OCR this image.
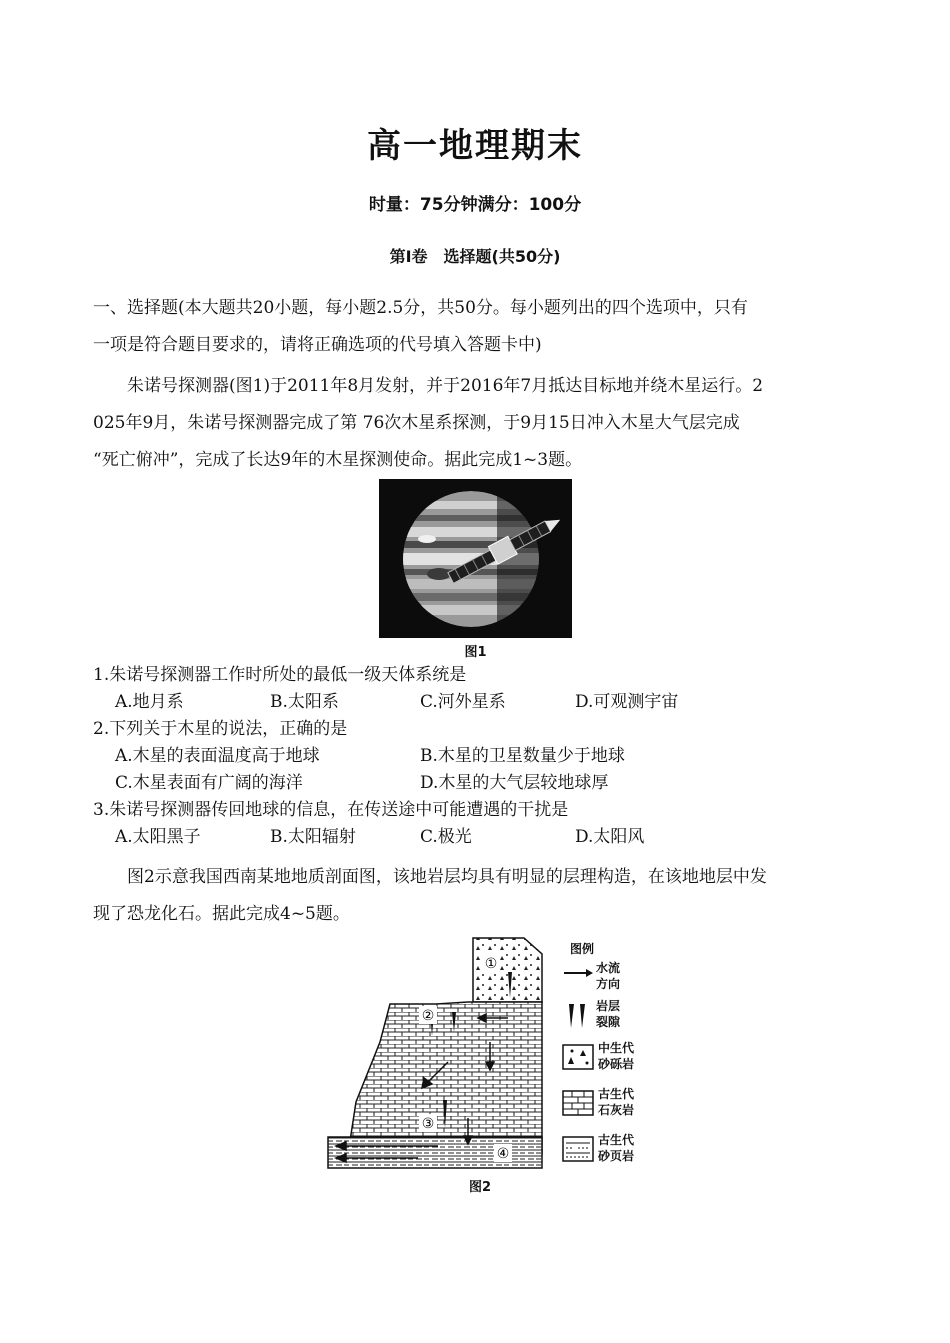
高一地理期末
时量：75分钟满分：100分
第Ⅰ卷　选择题(共50分)
一、选择题(本大题共20小题，每小题2.5分，共50分。每小题列出的四个选项中，只有
一项是符合题目要求的，请将正确选项的代号填入答题卡中)
朱诺号探测器(图1)于2011年8月发射，并于2016年7月抵达目标地并绕木星运行。2
025年9月，朱诺号探测器完成了第 76次木星系探测，于9月15日冲入木星大气层完成
“死亡俯冲”，完成了长达9年的木星探测使命。据此完成1~3题。
图1
1.朱诺号探测器工作时所处的最低一级天体系统是
A.地月系	B.太阳系	C.河外星系	D.可观测宇宙
2.下列关于木星的说法，正确的是
A.木星的表面温度高于地球	B.木星的卫星数量少于地球
C.木星表面有广阔的海洋	D.木星的大气层较地球厚
3.朱诺号探测器传回地球的信息，在传送途中可能遭遇的干扰是
A.太阳黑子	B.太阳辐射	C.极光	D.太阳风
图2示意我国西南某地地质剖面图，该地岩层均具有明显的层理构造，在该地地层中发
现了恐龙化石。据此完成4~5题。
①
②
③
④
图例
水流
方向
岩层
裂隙
中生代
砂砾岩
古生代
石灰岩
古生代
砂页岩
图2
